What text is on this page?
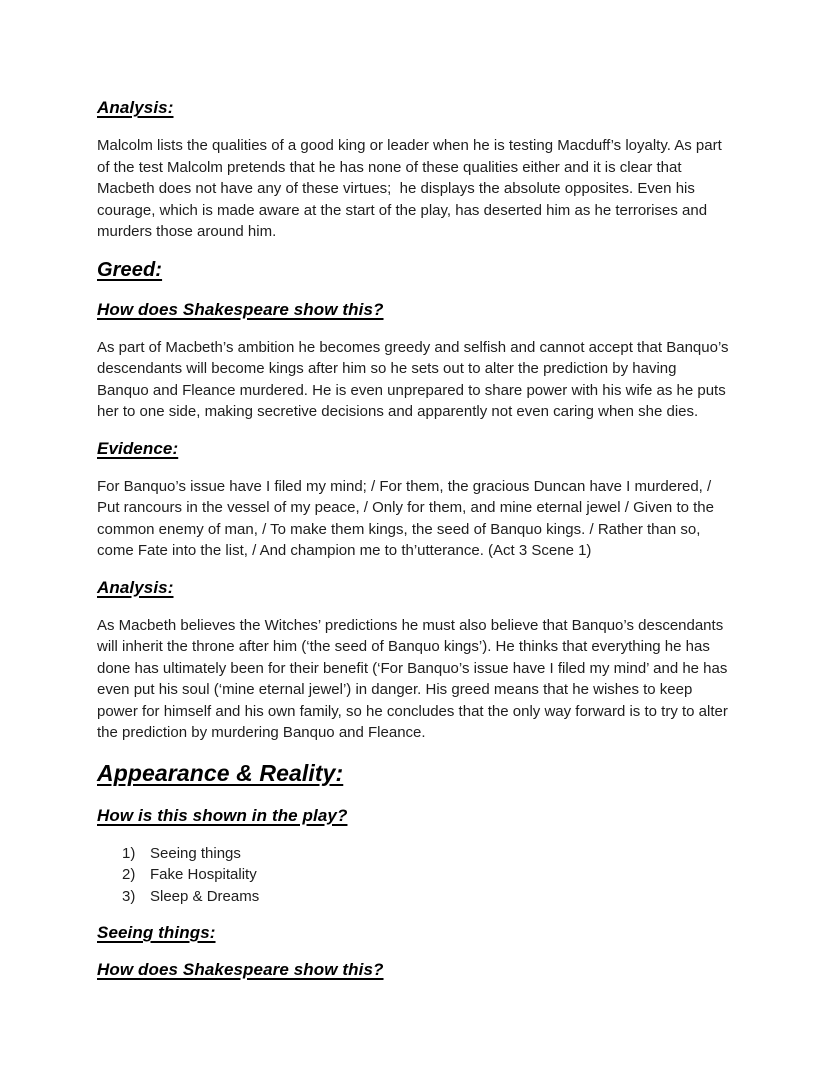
Analysis:

Malcolm lists the qualities of a good king or leader when he is testing Macduff’s loyalty. As part of the test Malcolm pretends that he has none of these qualities either and it is clear that Macbeth does not have any of these virtues;  he displays the absolute opposites. Even his courage, which is made aware at the start of the play, has deserted him as he terrorises and murders those around him.

Greed:
How does Shakespeare show this?

As part of Macbeth’s ambition he becomes greedy and selfish and cannot accept that Banquo’s descendants will become kings after him so he sets out to alter the prediction by having Banquo and Fleance murdered. He is even unprepared to share power with his wife as he puts her to one side, making secretive decisions and apparently not even caring when she dies.

Evidence:

For Banquo’s issue have I filed my mind; / For them, the gracious Duncan have I murdered, / Put rancours in the vessel of my peace, / Only for them, and mine eternal jewel / Given to the common enemy of man, / To make them kings, the seed of Banquo kings. / Rather than so, come Fate into the list, / And champion me to th’utterance. (Act 3 Scene 1)

Analysis:

As Macbeth believes the Witches’ predictions he must also believe that Banquo’s descendants will inherit the throne after him (‘the seed of Banquo kings’). He thinks that everything he has done has ultimately been for their benefit (‘For Banquo’s issue have I filed my mind’ and he has even put his soul (‘mine eternal jewel’) in danger. His greed means that he wishes to keep power for himself and his own family, so he concludes that the only way forward is to try to alter the prediction by murdering Banquo and Fleance.

Appearance & Reality:
How is this shown in the play?
1) Seeing things
2) Fake Hospitality
3) Sleep & Dreams
Seeing things:
How does Shakespeare show this?
